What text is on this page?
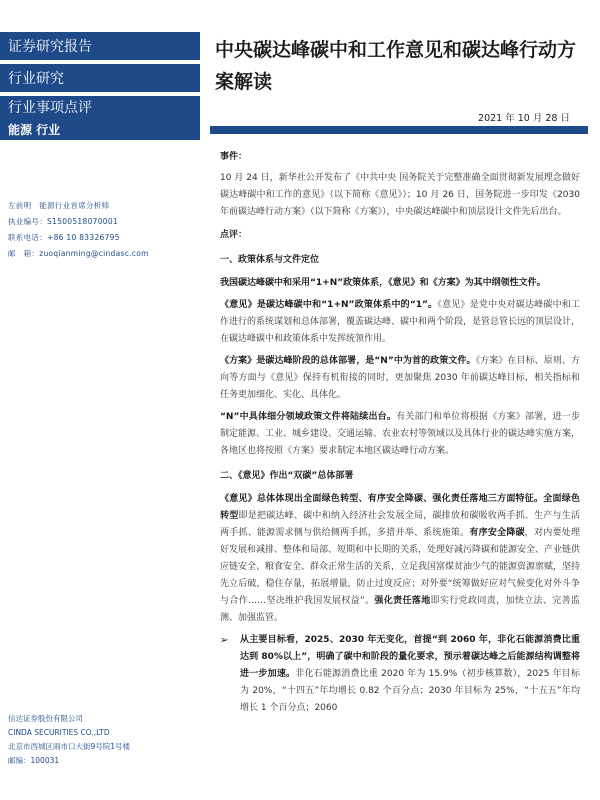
证券研究报告
行业研究
行业事项点评
能源 行业
左前明　能源行业首席分析师
执业编号：S1500518070001
联系电话：+86 10 83326795
邮　箱：zuoqianming@cindasc.com
信达证券股份有限公司
CINDA SECURITIES CO.,LTD
北京市西城区闹市口大街9号院1号楼
邮编：100031
中央碳达峰碳中和工作意见和碳达峰行动方案解读
2021 年 10 月 28 日
事件：

10 月 24 日，新华社公开发布了《中共中央 国务院关于完整准确全面贯彻新发展理念做好碳达峰碳中和工作的意见》（以下简称《意见》）；10 月 26 日，国务院进一步印发《2030 年前碳达峰行动方案》（以下简称《方案》），中央碳达峰碳中和顶层设计文件先后出台。

点评：
一、政策体系与文件定位

我国碳达峰碳中和采用“1+N”政策体系，《意见》和《方案》为其中纲领性文件。

《意见》是碳达峰碳中和“1+N”政策体系中的“1”。《意见》是党中央对碳达峰碳中和工作进行的系统谋划和总体部署，覆盖碳达峰、碳中和两个阶段，是管总管长远的顶层设计，在碳达峰碳中和政策体系中发挥统领作用。

《方案》是碳达峰阶段的总体部署，是“N”中为首的政策文件。《方案》在目标、原则、方向等方面与《意见》保持有机衔接的同时，更加聚焦 2030 年前碳达峰目标，相关指标和任务更加细化、实化、具体化。

“N”中具体细分领域政策文件将陆续出台。有关部门和单位将根据《方案》部署，进一步制定能源、工业、城乡建设、交通运输、农业农村等领域以及具体行业的碳达峰实施方案，各地区也将按照《方案》要求制定本地区碳达峰行动方案。

二、《意见》作出“双碳”总体部署

《意见》总体体现出全面绿色转型、有序安全降碳、强化责任落地三方面特征。全面绿色转型即是把碳达峰、碳中和纳入经济社会发展全局，碳排放和碳吸收两手抓、生产与生活两手抓、能源需求侧与供给侧两手抓，多措并举、系统施策。有序安全降碳，对内要处理好发展和减排、整体和局部、短期和中长期的关系，处理好减污降碳和能源安全、产业链供应链安全、粮食安全、群众正常生活的关系，立足我国富煤贫油少气的能源资源禀赋，坚持先立后破，稳住存量，拓展增量，防止过度反应；对外要“统筹做好应对气候变化对外斗争与合作……坚决维护我国发展权益”。强化责任落地即实行党政同责，加快立法、完善监测、加强监管。

➢ 从主要目标看，2025、2030 年无变化，首提“到 2060 年，非化石能源消费比重达到 80%以上”，明确了碳中和阶段的量化要求，预示着碳达峰之后能源结构调整将进一步加速。非化石能源消费比重 2020 年为 15.9%（初步核算数），2025 年目标为 20%，“十四五”年均增长 0.82 个百分点；2030 年目标为 25%，“十五五”年均增长 1 个百分点；2060
